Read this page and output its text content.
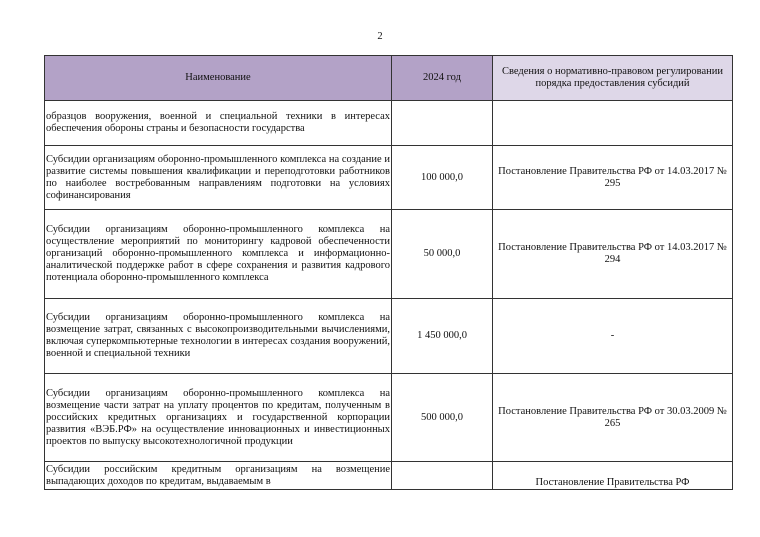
2
Наименование	2024 год	Сведения о нормативно-правовом регулировании порядка предоставления субсидий
образцов вооружения, военной и специальной техники в интересах обеспечения обороны страны и безопасности государства		
Субсидии организациям оборонно-промышленного комплекса на создание и развитие системы повышения квалификации и переподготовки работников по наиболее востребованным направлениям подготовки на условиях софинансирования	100 000,0	Постановление Правительства РФ от 14.03.2017 № 295
Субсидии организациям оборонно-промышленного комплекса на осуществление мероприятий по мониторингу кадровой обеспеченности организаций оборонно-промышленного комплекса и информационно-аналитической поддержке работ в сфере сохранения и развития кадрового потенциала оборонно-промышленного комплекса	50 000,0	Постановление Правительства РФ от 14.03.2017 № 294
Субсидии организациям оборонно-промышленного комплекса на возмещение затрат, связанных с высокопроизводительными вычислениями, включая суперкомпьютерные технологии в интересах создания вооружений, военной и специальной техники	1 450 000,0	-
Субсидии организациям оборонно-промышленного комплекса на возмещение части затрат на уплату процентов по кредитам, полученным в российских кредитных организациях и государственной корпорации развития «ВЭБ.РФ» на осуществление инновационных и инвестиционных проектов по выпуску высокотехнологичной продукции	500 000,0	Постановление Правительства РФ от 30.03.2009 № 265
Субсидии российским кредитным организациям на возмещение выпадающих доходов по кредитам, выдаваемым в		Постановление Правительства РФ
